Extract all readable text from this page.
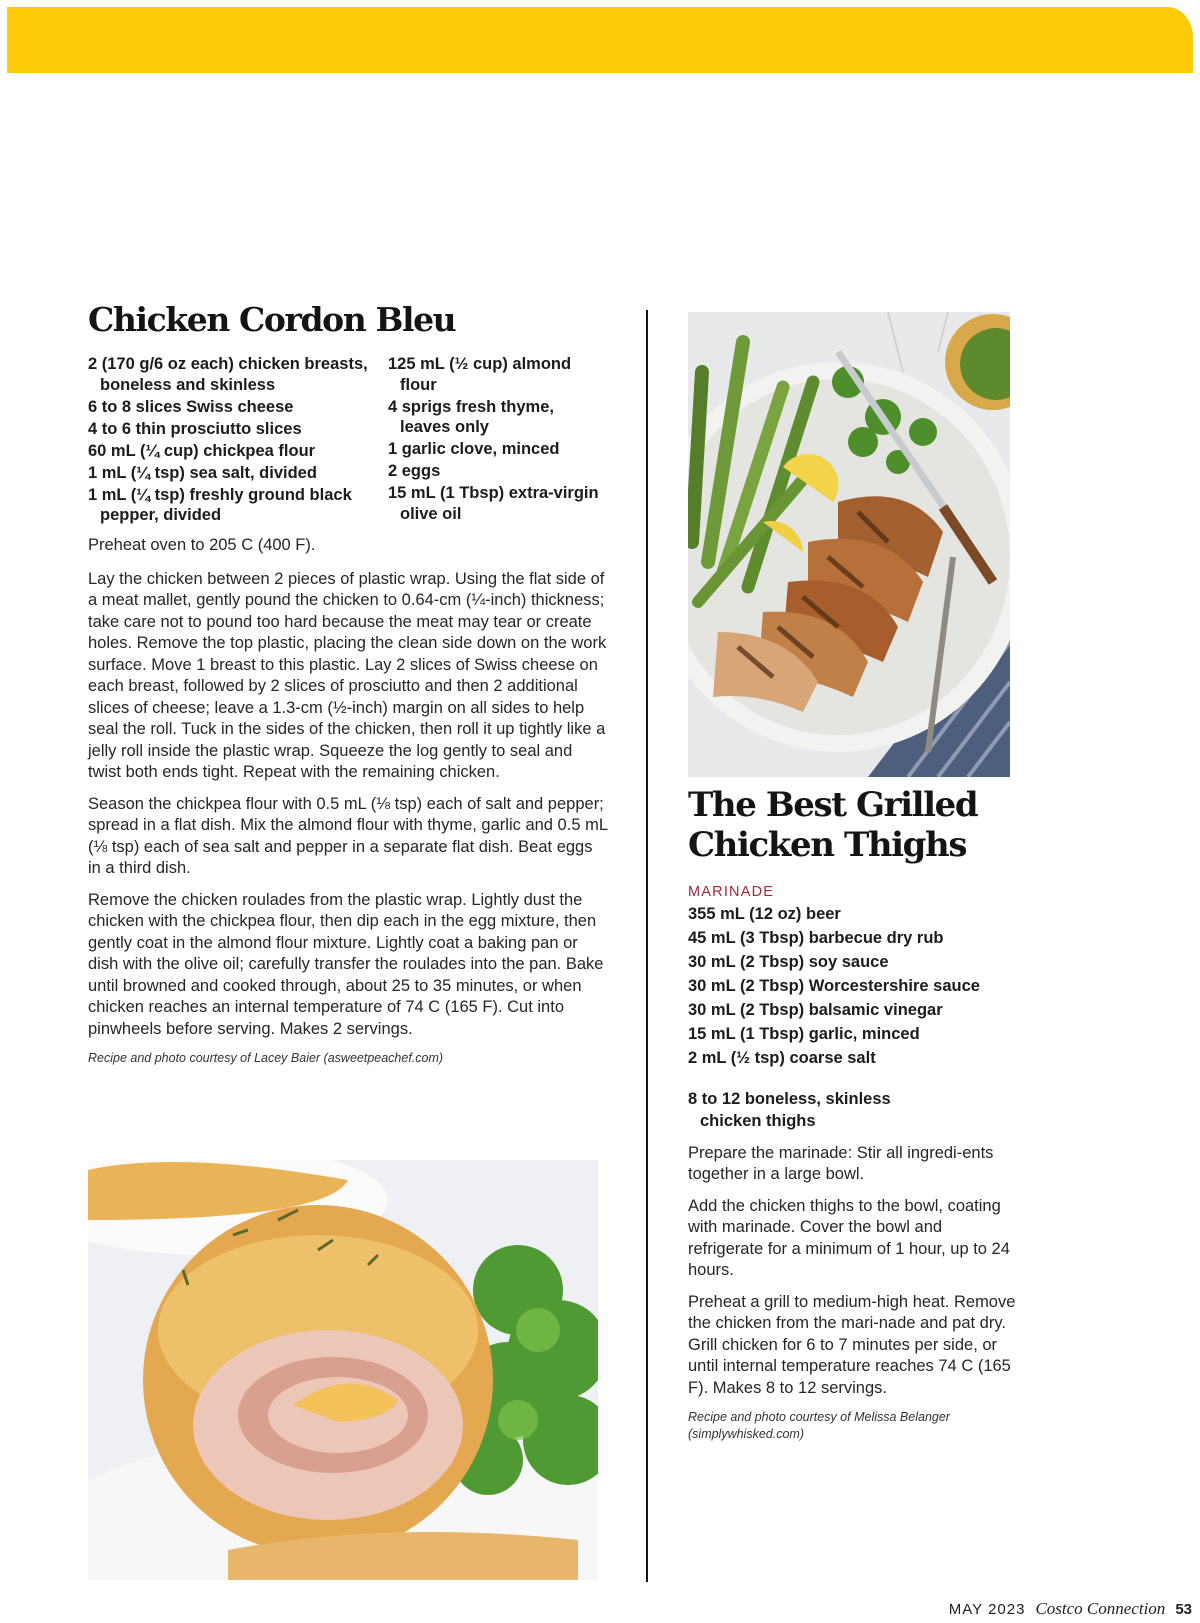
Chicken Cordon Bleu
2 (170 g/6 oz each) chicken breasts, boneless and skinless
6 to 8 slices Swiss cheese
4 to 6 thin prosciutto slices
60 mL (¼ cup) chickpea flour
1 mL (¼ tsp) sea salt, divided
1 mL (¼ tsp) freshly ground black pepper, divided
125 mL (½ cup) almond flour
4 sprigs fresh thyme, leaves only
1 garlic clove, minced
2 eggs
15 mL (1 Tbsp) extra-virgin olive oil

Preheat oven to 205 C (400 F).

Lay the chicken between 2 pieces of plastic wrap. Using the flat side of a meat mallet, gently pound the chicken to 0.64-cm (¼-inch) thickness; take care not to pound too hard because the meat may tear or create holes. Remove the top plastic, placing the clean side down on the work surface. Move 1 breast to this plastic. Lay 2 slices of Swiss cheese on each breast, followed by 2 slices of prosciutto and then 2 additional slices of cheese; leave a 1.3-cm (½-inch) margin on all sides to help seal the roll. Tuck in the sides of the chicken, then roll it up tightly like a jelly roll inside the plastic wrap. Squeeze the log gently to seal and twist both ends tight. Repeat with the remaining chicken.

Season the chickpea flour with 0.5 mL (⅛ tsp) each of salt and pepper; spread in a flat dish. Mix the almond flour with thyme, garlic and 0.5 mL (⅛ tsp) each of sea salt and pepper in a separate flat dish. Beat eggs in a third dish.

Remove the chicken roulades from the plastic wrap. Lightly dust the chicken with the chickpea flour, then dip each in the egg mixture, then gently coat in the almond flour mixture. Lightly coat a baking pan or dish with the olive oil; carefully transfer the roulades into the pan. Bake until browned and cooked through, about 25 to 35 minutes, or when chicken reaches an internal temperature of 74 C (165 F). Cut into pinwheels before serving. Makes 2 servings.

Recipe and photo courtesy of Lacey Baier (asweetpeachef.com)

The Best Grilled
Chicken Thighs
MARINADE
355 mL (12 oz) beer
45 mL (3 Tbsp) barbecue dry rub
30 mL (2 Tbsp) soy sauce
30 mL (2 Tbsp) Worcestershire sauce
30 mL (2 Tbsp) balsamic vinegar
15 mL (1 Tbsp) garlic, minced
2 mL (½ tsp) coarse salt
8 to 12 boneless, skinless chicken thighs

Prepare the marinade: Stir all ingredi-ents together in a large bowl.

Add the chicken thighs to the bowl, coating with marinade. Cover the bowl and refrigerate for a minimum of 1 hour, up to 24 hours.

Preheat a grill to medium-high heat. Remove the chicken from the mari-nade and pat dry. Grill chicken for 6 to 7 minutes per side, or until internal temperature reaches 74 C (165 F). Makes 8 to 12 servings.

Recipe and photo courtesy of Melissa Belanger
(simplywhisked.com)

MAY 2023 Costco Connection 53
